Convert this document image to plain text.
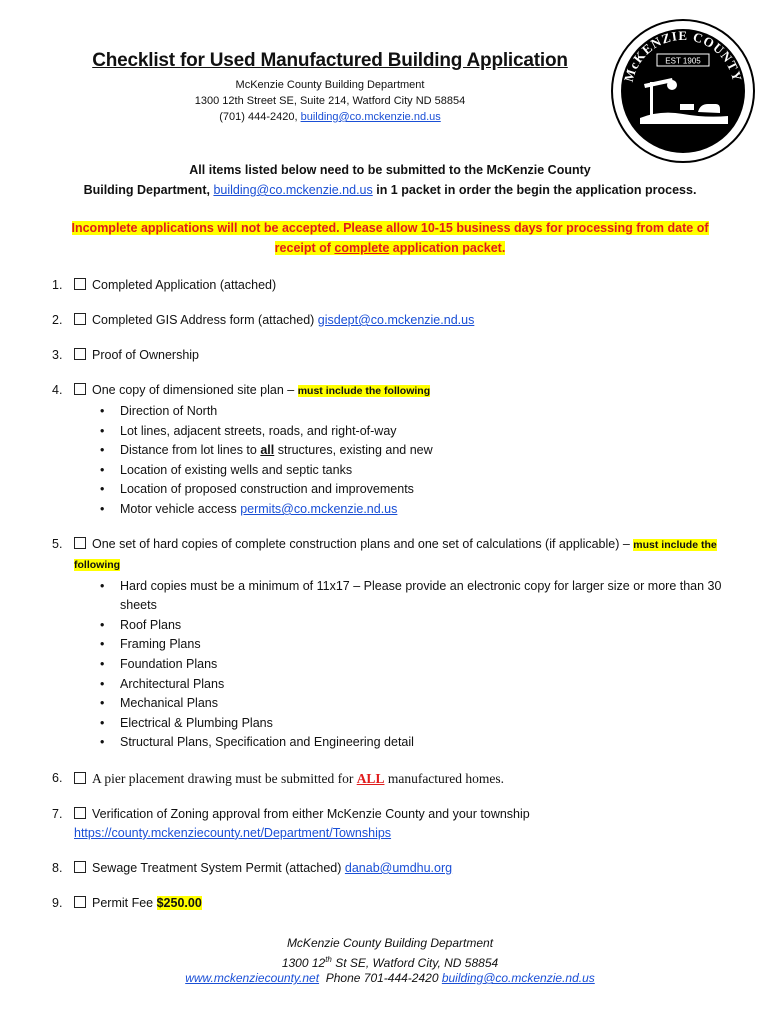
Checklist for Used Manufactured Building Application
McKenzie County Building Department
1300 12th Street SE, Suite 214, Watford City ND 58854
(701) 444-2420, building@co.mckenzie.nd.us
McKENZIE COUNTY
EST 1905
All items listed below need to be submitted to the McKenzie County
Building Department, building@co.mckenzie.nd.us in 1 packet in order the begin the application process.
Incomplete applications will not be accepted. Please allow 10-15 business days for processing from date of
receipt of complete application packet.
1. Completed Application (attached)
2. Completed GIS Address form (attached) gisdept@co.mckenzie.nd.us
3. Proof of Ownership
4. One copy of dimensioned site plan – must include the following
• Direction of North
• Lot lines, adjacent streets, roads, and right-of-way
• Distance from lot lines to all structures, existing and new
• Location of existing wells and septic tanks
• Location of proposed construction and improvements
• Motor vehicle access permits@co.mckenzie.nd.us
5. One set of hard copies of complete construction plans and one set of calculations (if applicable) – must include the following
• Hard copies must be a minimum of 11x17 – Please provide an electronic copy for larger size or more than 30 sheets
• Roof Plans
• Framing Plans
• Foundation Plans
• Architectural Plans
• Mechanical Plans
• Electrical & Plumbing Plans
• Structural Plans, Specification and Engineering detail
6. A pier placement drawing must be submitted for ALL manufactured homes.
7. Verification of Zoning approval from either McKenzie County and your township
https://county.mckenziecounty.net/Department/Townships
8. Sewage Treatment System Permit (attached) danab@umdhu.org
9. Permit Fee $250.00
McKenzie County Building Department
1300 12th St SE, Watford City, ND 58854
www.mckenziecounty.net  Phone 701-444-2420 building@co.mckenzie.nd.us
